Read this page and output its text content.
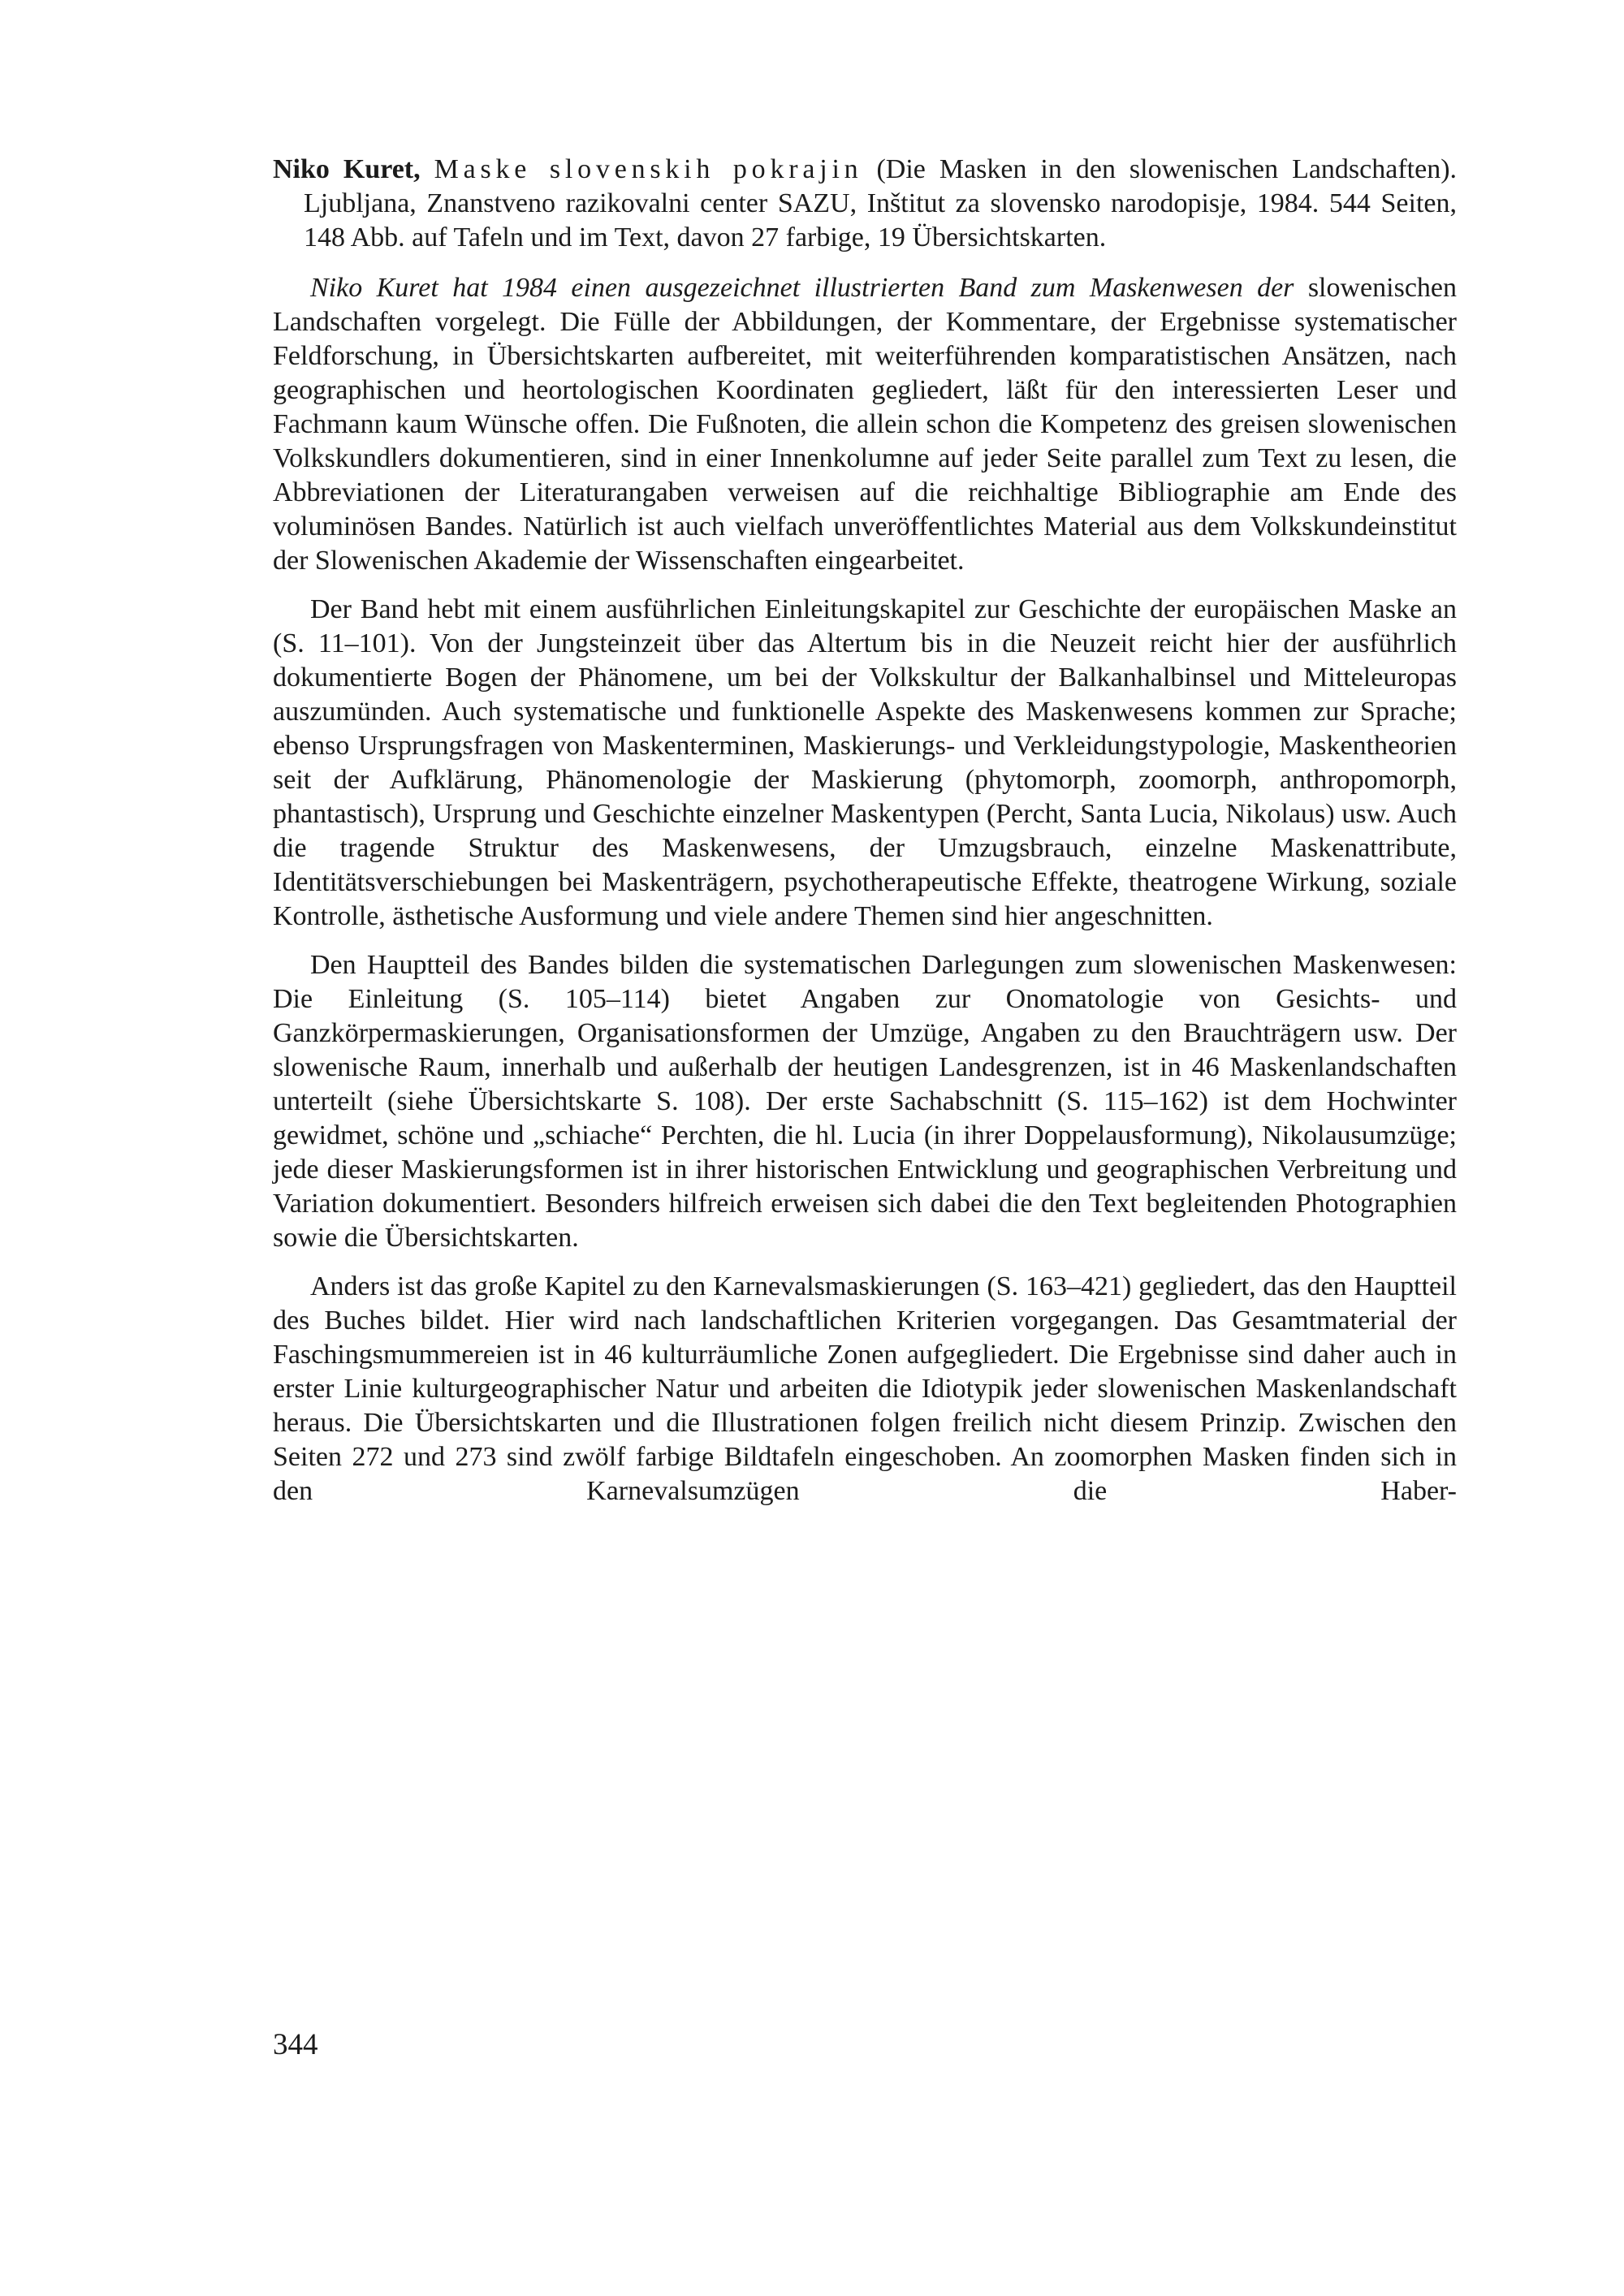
Niko Kuret, Maske slovenskih pokrajin (Die Masken in den slowenischen Landschaften). Ljubljana, Znanstveno razikovalni center SAZU, Inštitut za slovensko narodopisje, 1984. 544 Seiten, 148 Abb. auf Tafeln und im Text, davon 27 farbige, 19 Übersichtskarten.

Niko Kuret hat 1984 einen ausgezeichnet illustrierten Band zum Maskenwesen der slowenischen Landschaften vorgelegt. Die Fülle der Abbildungen, der Kommentare, der Ergebnisse systematischer Feldforschung, in Übersichtskarten aufbereitet, mit weiterführenden komparatistischen Ansätzen, nach geographischen und heortologischen Koordinaten gegliedert, läßt für den interessierten Leser und Fachmann kaum Wünsche offen. Die Fußnoten, die allein schon die Kompetenz des greisen slowenischen Volkskundlers dokumentieren, sind in einer Innenkolumne auf jeder Seite parallel zum Text zu lesen, die Abbreviationen der Literaturangaben verweisen auf die reichhaltige Bibliographie am Ende des voluminösen Bandes. Natürlich ist auch vielfach unveröffentlichtes Material aus dem Volkskundeinstitut der Slowenischen Akademie der Wissenschaften eingearbeitet.

Der Band hebt mit einem ausführlichen Einleitungskapitel zur Geschichte der europäischen Maske an (S. 11–101). Von der Jungsteinzeit über das Altertum bis in die Neuzeit reicht hier der ausführlich dokumentierte Bogen der Phänomene, um bei der Volkskultur der Balkanhalbinsel und Mitteleuropas auszumünden. Auch systematische und funktionelle Aspekte des Maskenwesens kommen zur Sprache; ebenso Ursprungsfragen von Maskenterminen, Maskierungs- und Verkleidungstypologie, Maskentheorien seit der Aufklärung, Phänomenologie der Maskierung (phytomorph, zoomorph, anthropomorph, phantastisch), Ursprung und Geschichte einzelner Maskentypen (Percht, Santa Lucia, Nikolaus) usw. Auch die tragende Struktur des Maskenwesens, der Umzugsbrauch, einzelne Maskenattribute, Identitätsverschiebungen bei Maskenträgern, psychotherapeutische Effekte, theatrogene Wirkung, soziale Kontrolle, ästhetische Ausformung und viele andere Themen sind hier angeschnitten.

Den Hauptteil des Bandes bilden die systematischen Darlegungen zum slowenischen Maskenwesen: Die Einleitung (S. 105–114) bietet Angaben zur Onomatologie von Gesichts- und Ganzkörpermaskierungen, Organisationsformen der Umzüge, Angaben zu den Brauchträgern usw. Der slowenische Raum, innerhalb und außerhalb der heutigen Landesgrenzen, ist in 46 Maskenlandschaften unterteilt (siehe Übersichtskarte S. 108). Der erste Sachabschnitt (S. 115–162) ist dem Hochwinter gewidmet, schöne und „schiache“ Perchten, die hl. Lucia (in ihrer Doppelausformung), Nikolausumzüge; jede dieser Maskierungsformen ist in ihrer historischen Entwicklung und geographischen Verbreitung und Variation dokumentiert. Besonders hilfreich erweisen sich dabei die den Text begleitenden Photographien sowie die Übersichtskarten.

Anders ist das große Kapitel zu den Karnevalsmaskierungen (S. 163–421) gegliedert, das den Hauptteil des Buches bildet. Hier wird nach landschaftlichen Kriterien vorgegangen. Das Gesamtmaterial der Faschingsmummereien ist in 46 kulturräumliche Zonen aufgegliedert. Die Ergebnisse sind daher auch in erster Linie kulturgeographischer Natur und arbeiten die Idiotypik jeder slowenischen Maskenlandschaft heraus. Die Übersichtskarten und die Illustrationen folgen freilich nicht diesem Prinzip. Zwischen den Seiten 272 und 273 sind zwölf farbige Bildtafeln eingeschoben. An zoomorphen Masken finden sich in den Karnevalsumzügen die Haber-

344
